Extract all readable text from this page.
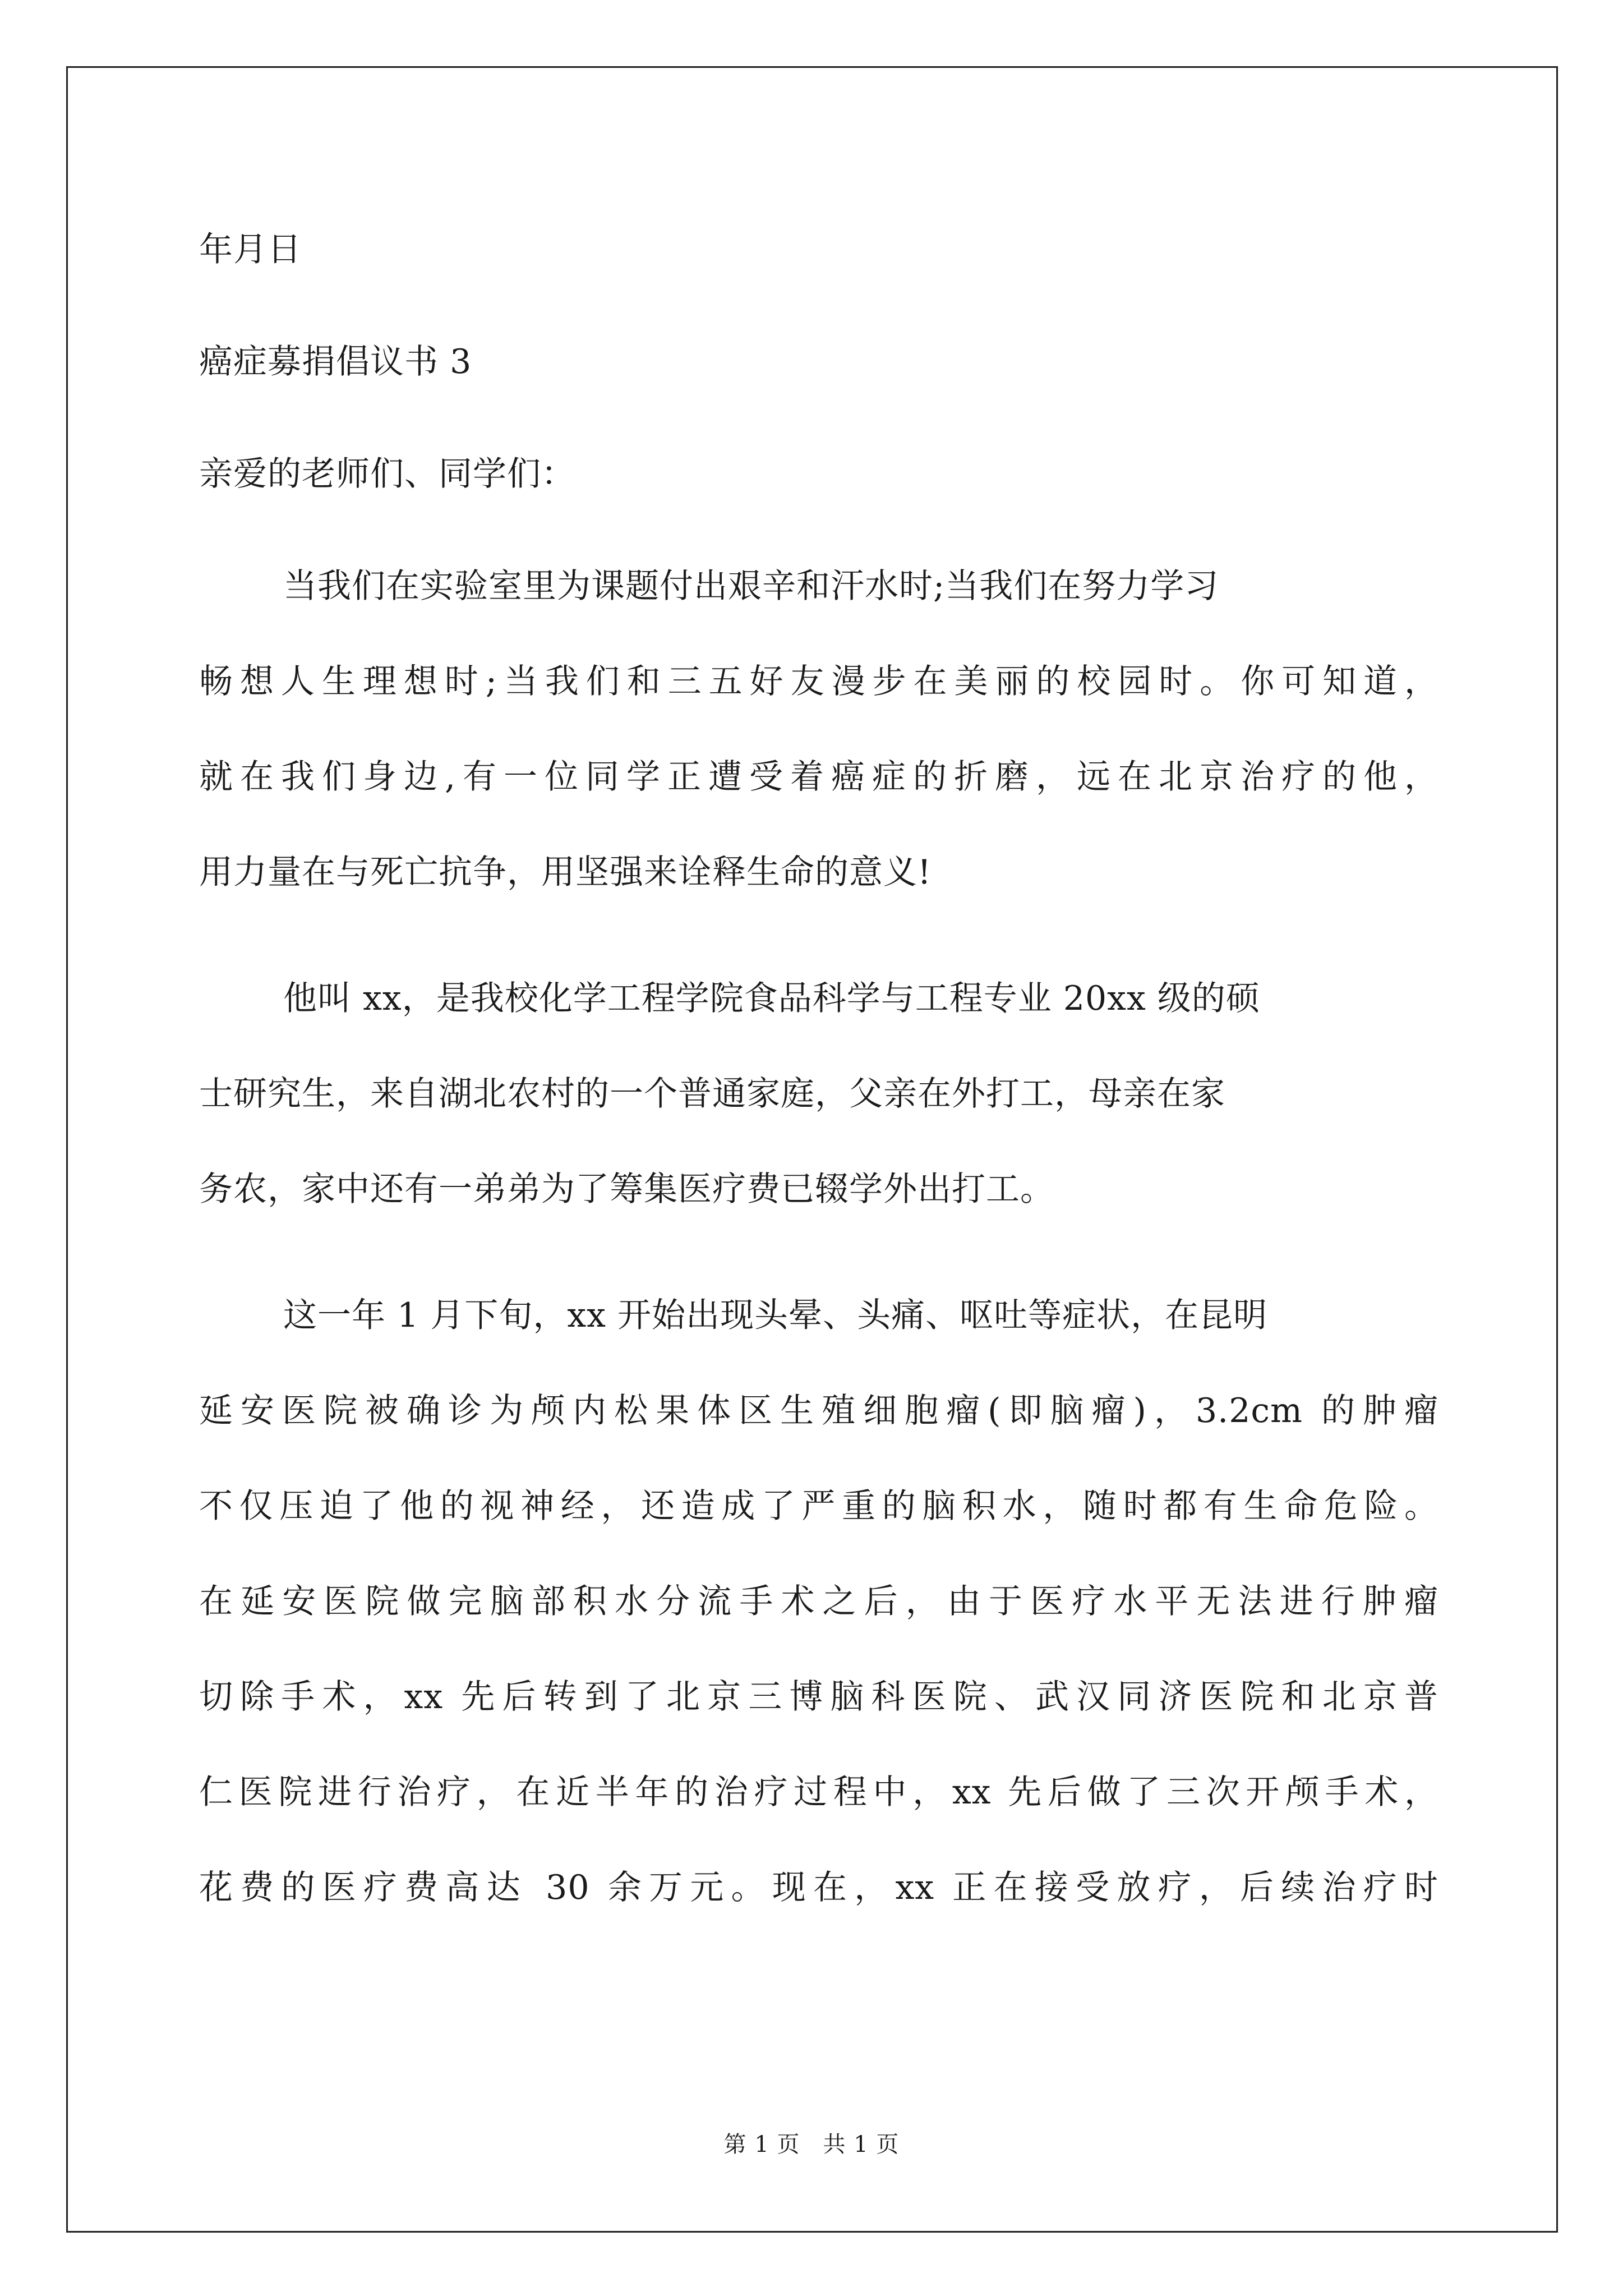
年月日
癌症募捐倡议书 3
亲爱的老师们、同学们：
当我们在实验室里为课题付出艰辛和汗水时;当我们在努力学习
畅想人生理想时;当我们和三五好友漫步在美丽的校园时。你可知道，
就在我们身边,有一位同学正遭受着癌症的折磨，远在北京治疗的他，
用力量在与死亡抗争，用坚强来诠释生命的意义!
他叫 xx，是我校化学工程学院食品科学与工程专业 20xx 级的硕
士研究生，来自湖北农村的一个普通家庭，父亲在外打工，母亲在家
务农，家中还有一弟弟为了筹集医疗费已辍学外出打工。
这一年 1 月下旬，xx 开始出现头晕、头痛、呕吐等症状，在昆明
延安医院被确诊为颅内松果体区生殖细胞瘤(即脑瘤)，3.2cm 的肿瘤
不仅压迫了他的视神经，还造成了严重的脑积水，随时都有生命危险。
在延安医院做完脑部积水分流手术之后，由于医疗水平无法进行肿瘤
切除手术，xx 先后转到了北京三博脑科医院、武汉同济医院和北京普
仁医院进行治疗，在近半年的治疗过程中，xx 先后做了三次开颅手术，
花费的医疗费高达 30 余万元。现在，xx 正在接受放疗，后续治疗时
第 1 页　共 1 页
